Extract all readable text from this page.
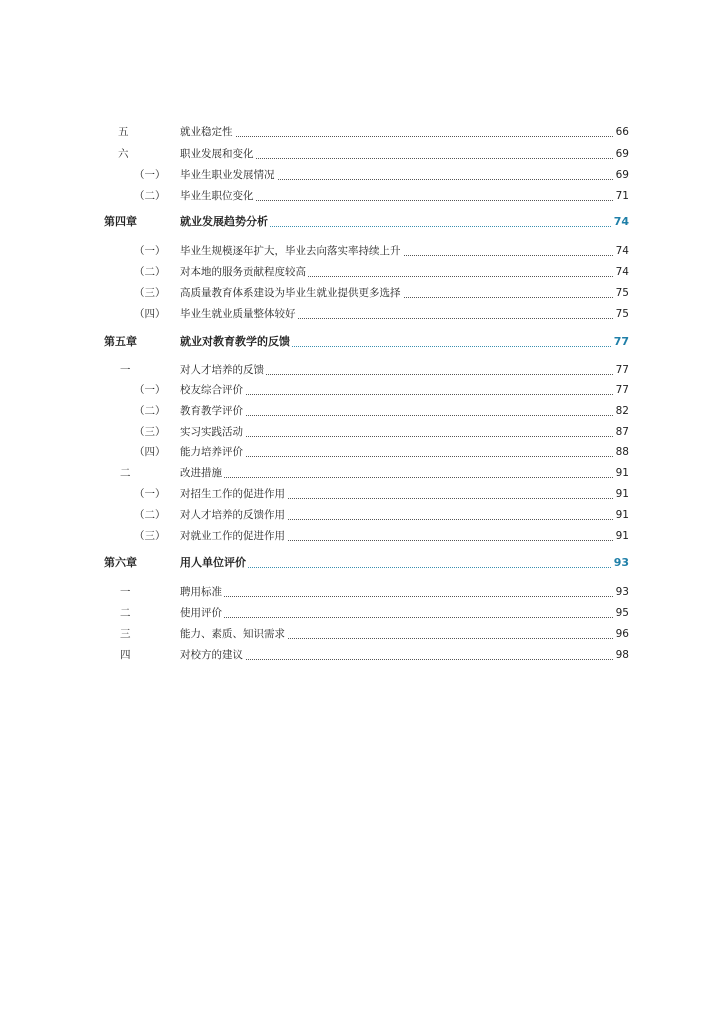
五	就业稳定性	66
六	职业发展和变化	69
（一） 毕业生职业发展情况	69
（二） 毕业生职位变化	71
第四章	就业发展趋势分析	74
（一） 毕业生规模逐年扩大，毕业去向落实率持续上升	74
（二） 对本地的服务贡献程度较高	74
（三） 高质量教育体系建设为毕业生就业提供更多选择	75
（四） 毕业生就业质量整体较好	75
第五章	就业对教育教学的反馈	77
一	对人才培养的反馈	77
（一） 校友综合评价	77
（二） 教育教学评价	82
（三） 实习实践活动	87
（四） 能力培养评价	88
二	改进措施	91
（一） 对招生工作的促进作用	91
（二） 对人才培养的反馈作用	91
（三） 对就业工作的促进作用	91
第六章	用人单位评价	93
一	聘用标准	93
二	使用评价	95
三	能力、素质、知识需求	96
四	对校方的建议	98
